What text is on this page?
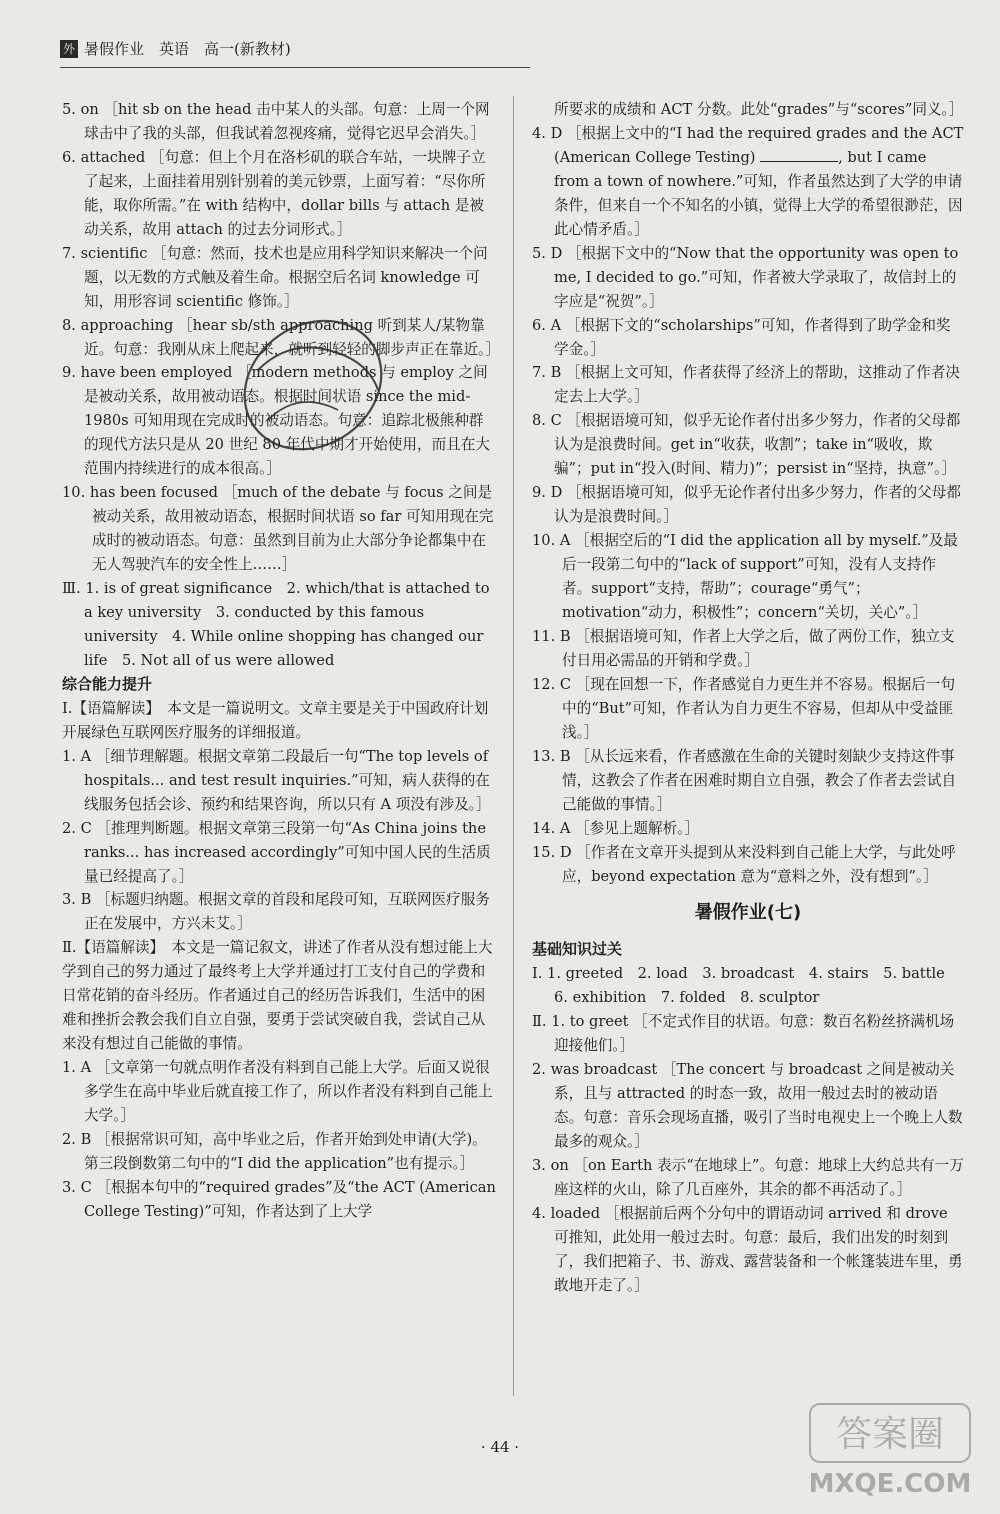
外 暑假作业　英语　高一(新教材)

5. on ［hit sb on the head 击中某人的头部。句意：上周一个网球击中了我的头部，但我试着忽视疼痛，觉得它迟早会消失。］

6. attached ［句意：但上个月在洛杉矶的联合车站，一块牌子立了起来，上面挂着用别针别着的美元钞票，上面写着：“尽你所能，取你所需。”在 with 结构中，dollar bills 与 attach 是被动关系，故用 attach 的过去分词形式。］

7. scientific ［句意：然而，技术也是应用科学知识来解决一个问题，以无数的方式触及着生命。根据空后名词 knowledge 可知，用形容词 scientific 修饰。］

8. approaching ［hear sb/sth approaching 听到某人/某物靠近。句意：我刚从床上爬起来，就听到轻轻的脚步声正在靠近。］

9. have been employed ［modern methods 与 employ 之间是被动关系，故用被动语态。根据时间状语 since the mid-1980s 可知用现在完成时的被动语态。句意：追踪北极熊种群的现代方法只是从 20 世纪 80 年代中期才开始使用，而且在大范围内持续进行的成本很高。］

10. has been focused ［much of the debate 与 focus 之间是被动关系，故用被动语态，根据时间状语 so far 可知用现在完成时的被动语态。句意：虽然到目前为止大部分争论都集中在无人驾驶汽车的安全性上……］

Ⅲ. 1. is of great significance　2. which/that is attached to a key university　3. conducted by this famous university　4. While online shopping has changed our life　5. Not all of us were allowed

综合能力提升

Ⅰ.【语篇解读】　本文是一篇说明文。文章主要是关于中国政府计划开展绿色互联网医疗服务的详细报道。

1. A ［细节理解题。根据文章第二段最后一句“The top levels of hospitals... and test result inquiries.”可知，病人获得的在线服务包括会诊、预约和结果咨询，所以只有 A 项没有涉及。］

2. C ［推理判断题。根据文章第三段第一句“As China joins the ranks... has increased accordingly”可知中国人民的生活质量已经提高了。］

3. B ［标题归纳题。根据文章的首段和尾段可知，互联网医疗服务正在发展中，方兴未艾。］

Ⅱ.【语篇解读】　本文是一篇记叙文，讲述了作者从没有想过能上大学到自己的努力通过了最终考上大学并通过打工支付自己的学费和日常花销的奋斗经历。作者通过自己的经历告诉我们，生活中的困难和挫折会教会我们自立自强，要勇于尝试突破自我，尝试自己从来没有想过自己能做的事情。

1. A ［文章第一句就点明作者没有料到自己能上大学。后面又说很多学生在高中毕业后就直接工作了，所以作者没有料到自己能上大学。］

2. B ［根据常识可知，高中毕业之后，作者开始到处申请(大学)。第三段倒数第二句中的“I did the application”也有提示。］

3. C ［根据本句中的“required grades”及“the ACT (American College Testing)”可知，作者达到了上大学

所要求的成绩和 ACT 分数。此处“grades”与“scores”同义。］

4. D ［根据上文中的“I had the required grades and the ACT (American College Testing)	, but I came from a town of nowhere.”可知，作者虽然达到了大学的申请条件，但来自一个不知名的小镇，觉得上大学的希望很渺茫，因此心情矛盾。］

5. D ［根据下文中的“Now that the opportunity was open to me, I decided to go.”可知，作者被大学录取了，故信封上的字应是“祝贺”。］

6. A ［根据下文的“scholarships”可知，作者得到了助学金和奖学金。］

7. B ［根据上文可知，作者获得了经济上的帮助，这推动了作者决定去上大学。］

8. C ［根据语境可知，似乎无论作者付出多少努力，作者的父母都认为是浪费时间。get in“收获，收割”；take in“吸收，欺骗”；put in“投入(时间、精力)”；persist in“坚持，执意”。］

9. D ［根据语境可知，似乎无论作者付出多少努力，作者的父母都认为是浪费时间。］

10. A ［根据空后的“I did the application all by myself.”及最后一段第二句中的“lack of support”可知，没有人支持作者。support“支持，帮助”；courage“勇气”；motivation“动力，积极性”；concern“关切，关心”。］

11. B ［根据语境可知，作者上大学之后，做了两份工作，独立支付日用必需品的开销和学费。］

12. C ［现在回想一下，作者感觉自力更生并不容易。根据后一句中的“But”可知，作者认为自力更生不容易，但却从中受益匪浅。］

13. B ［从长远来看，作者感激在生命的关键时刻缺少支持这件事情，这教会了作者在困难时期自立自强，教会了作者去尝试自己能做的事情。］

14. A ［参见上题解析。］

15. D ［作者在文章开头提到从来没料到自己能上大学，与此处呼应，beyond expectation 意为“意料之外，没有想到”。］

暑假作业(七)

基础知识过关

Ⅰ. 1. greeted　2. load　3. broadcast　4. stairs　5. battle　6. exhibition　7. folded　8. sculptor

Ⅱ. 1. to greet ［不定式作目的状语。句意：数百名粉丝挤满机场迎接他们。］

2. was broadcast ［The concert 与 broadcast 之间是被动关系，且与 attracted 的时态一致，故用一般过去时的被动语态。句意：音乐会现场直播，吸引了当时电视史上一个晚上人数最多的观众。］

3. on ［on Earth 表示“在地球上”。句意：地球上大约总共有一万座这样的火山，除了几百座外，其余的都不再活动了。］

4. loaded ［根据前后两个分句中的谓语动词 arrived 和 drove 可推知，此处用一般过去时。句意：最后，我们出发的时刻到了，我们把箱子、书、游戏、露营装备和一个帐篷装进车里，勇敢地开走了。］

答案圈
MXQE.COM
· 44 ·
